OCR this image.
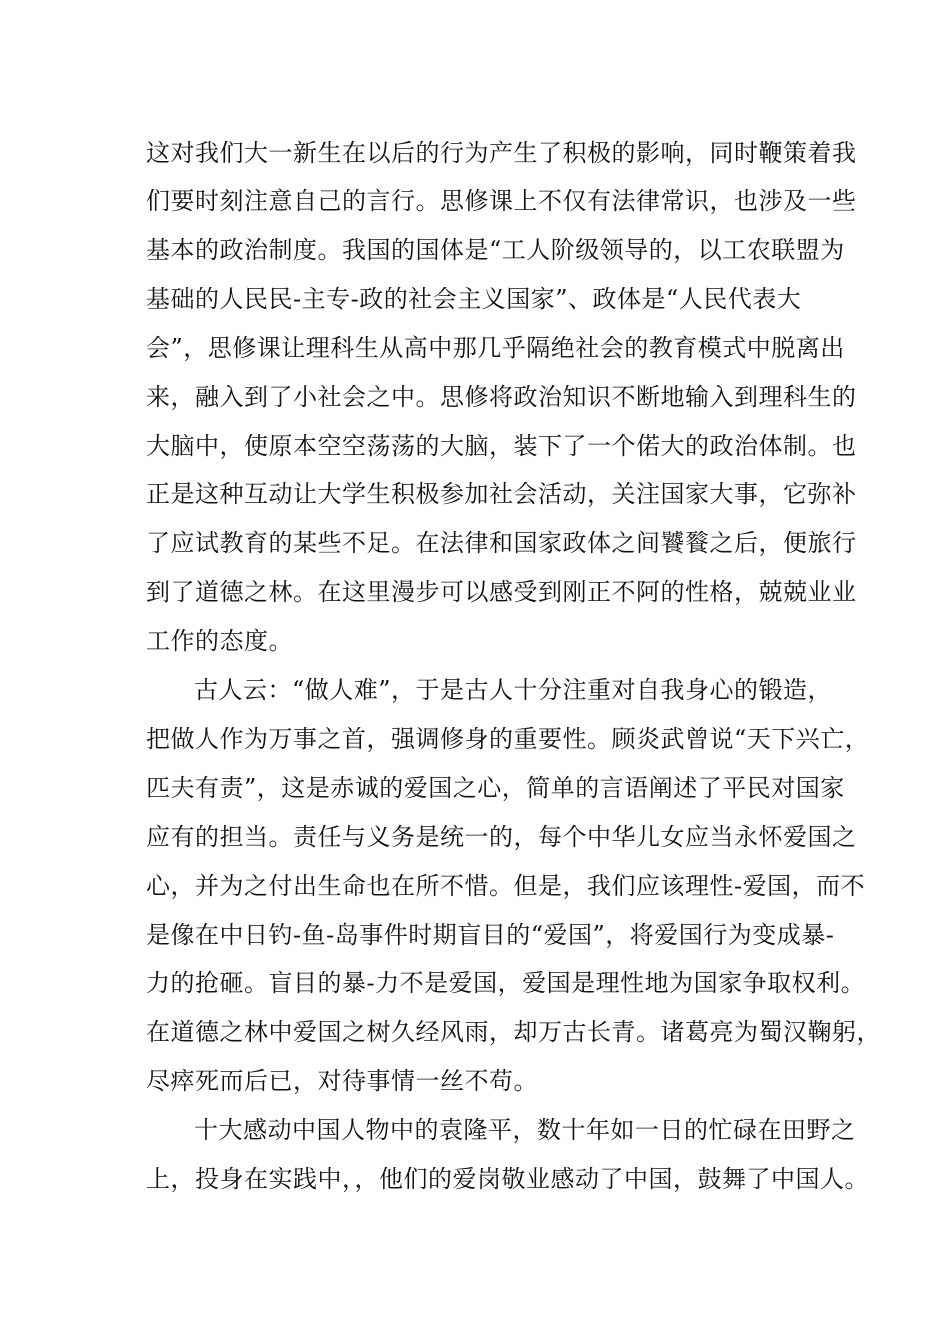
这对我们大一新生在以后的行为产生了积极的影响，同时鞭策着我
们要时刻注意自己的言行。思修课上不仅有法律常识，也涉及一些
基本的政治制度。我国的国体是“工人阶级领导的，以工农联盟为
基础的人民民-主专-政的社会主义国家”、政体是“人民代表大
会”，思修课让理科生从高中那几乎隔绝社会的教育模式中脱离出
来，融入到了小社会之中。思修将政治知识不断地输入到理科生的
大脑中，使原本空空荡荡的大脑，装下了一个偌大的政治体制。也
正是这种互动让大学生积极参加社会活动，关注国家大事，它弥补
了应试教育的某些不足。在法律和国家政体之间饕餮之后，便旅行
到了道德之林。在这里漫步可以感受到刚正不阿的性格，兢兢业业
工作的态度。
古人云：“做人难”，于是古人十分注重对自我身心的锻造，
把做人作为万事之首，强调修身的重要性。顾炎武曾说“天下兴亡，
匹夫有责”，这是赤诚的爱国之心，简单的言语阐述了平民对国家
应有的担当。责任与义务是统一的，每个中华儿女应当永怀爱国之
心，并为之付出生命也在所不惜。但是，我们应该理性-爱国，而不
是像在中日钓-鱼-岛事件时期盲目的“爱国”，将爱国行为变成暴-
力的抢砸。盲目的暴-力不是爱国，爱国是理性地为国家争取权利。
在道德之林中爱国之树久经风雨，却万古长青。诸葛亮为蜀汉鞠躬，
尽瘁死而后已，对待事情一丝不苟。
十大感动中国人物中的袁隆平，数十年如一日的忙碌在田野之
上，投身在实践中，，他们的爱岗敬业感动了中国，鼓舞了中国人。
